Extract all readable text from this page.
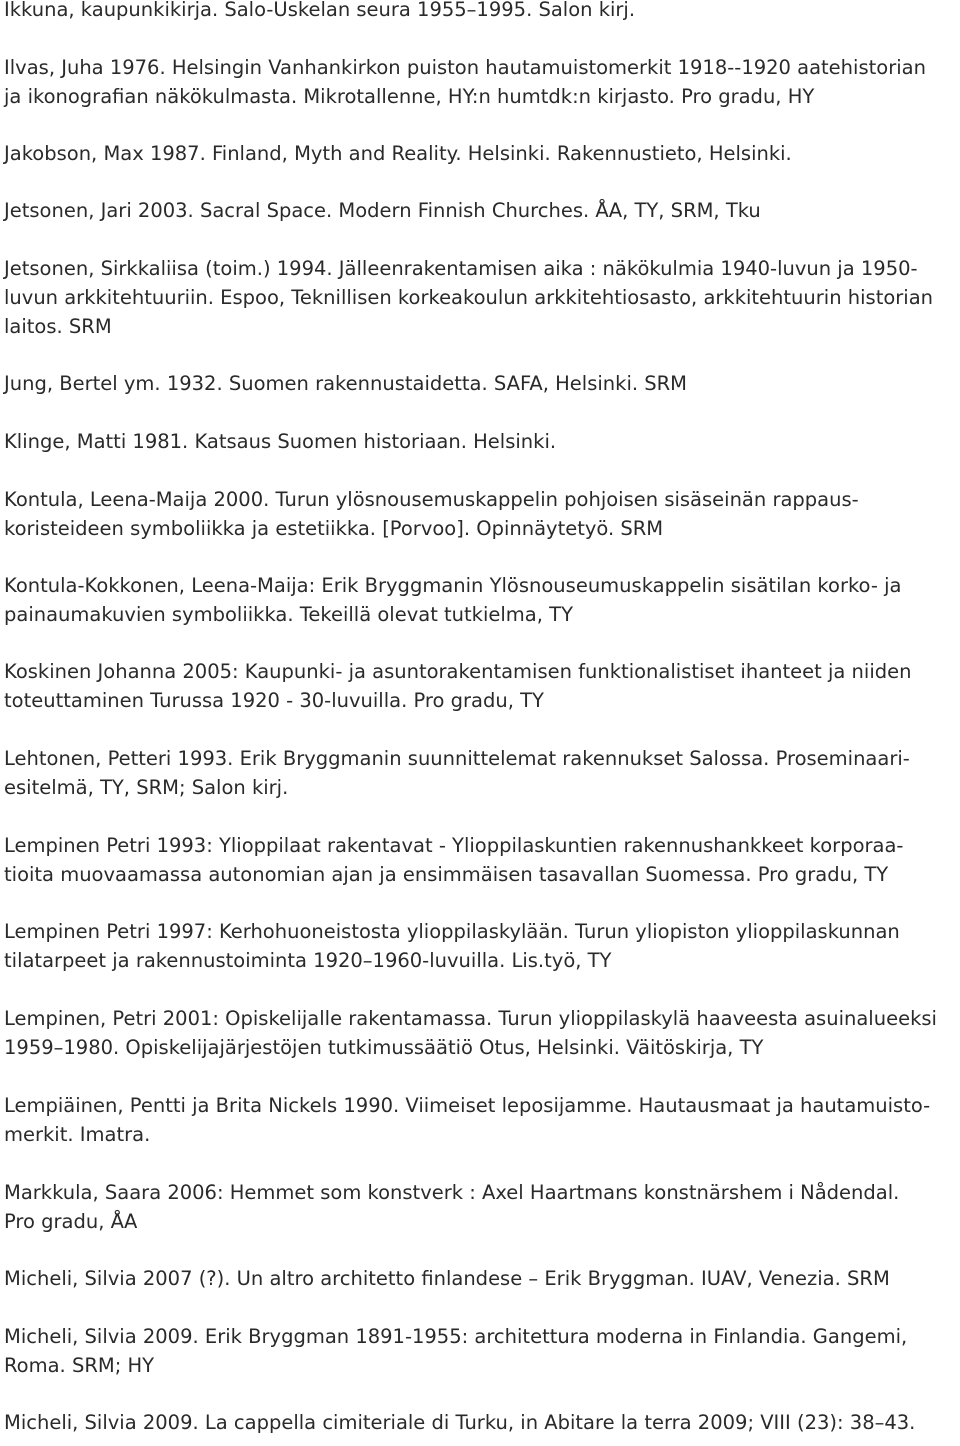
Ikkuna, kaupunkikirja. Salo-Uskelan seura 1955–1995. Salon kirj.
Ilvas, Juha 1976. Helsingin Vanhankirkon puiston hautamuistomerkit 1918--1920 aatehistorian
ja ikonografian näkökulmasta. Mikrotallenne, HY:n humtdk:n kirjasto. Pro gradu, HY
Jakobson, Max 1987. Finland, Myth and Reality. Helsinki. Rakennustieto, Helsinki.
Jetsonen, Jari 2003. Sacral Space. Modern Finnish Churches. ÅA, TY, SRM, Tku
Jetsonen, Sirkkaliisa (toim.) 1994. Jälleenrakentamisen aika : näkökulmia 1940-luvun ja 1950-
luvun arkkitehtuuriin. Espoo, Teknillisen korkeakoulun arkkitehtiosasto, arkkitehtuurin historian
laitos. SRM
Jung, Bertel ym. 1932. Suomen rakennustaidetta. SAFA, Helsinki. SRM
Klinge, Matti 1981. Katsaus Suomen historiaan. Helsinki.
Kontula, Leena-Maija 2000. Turun ylösnousemuskappelin pohjoisen sisäseinän rappaus-
koristeideen symboliikka ja estetiikka. [Porvoo]. Opinnäytetyö. SRM
Kontula-Kokkonen, Leena-Maija: Erik Bryggmanin Ylösnouseumuskappelin sisätilan korko- ja
painaumakuvien symboliikka. Tekeillä olevat tutkielma, TY
Koskinen Johanna 2005: Kaupunki- ja asuntorakentamisen funktionalistiset ihanteet ja niiden
toteuttaminen Turussa 1920 - 30-luvuilla. Pro gradu, TY
Lehtonen, Petteri 1993. Erik Bryggmanin suunnittelemat rakennukset Salossa. Proseminaari-
esitelmä, TY, SRM; Salon kirj.
Lempinen Petri 1993: Ylioppilaat rakentavat - Ylioppilaskuntien rakennushankkeet korporaa-
tioita muovaamassa autonomian ajan ja ensimmäisen tasavallan Suomessa. Pro gradu, TY
Lempinen Petri 1997: Kerhohuoneistosta ylioppilaskylään. Turun yliopiston ylioppilaskunnan
tilatarpeet ja rakennustoiminta 1920–1960-luvuilla. Lis.työ, TY
Lempinen, Petri 2001: Opiskelijalle rakentamassa. Turun ylioppilaskylä haaveesta asuinalueeksi
1959–1980. Opiskelijajärjestöjen tutkimussäätiö Otus, Helsinki. Väitöskirja, TY
Lempiäinen, Pentti ja Brita Nickels 1990. Viimeiset leposijamme. Hautausmaat ja hautamuisto-
merkit. Imatra.
Markkula, Saara 2006: Hemmet som konstverk : Axel Haartmans konstnärshem i Nådendal.
Pro gradu, ÅA
Micheli, Silvia 2007 (?). Un altro architetto finlandese – Erik Bryggman. IUAV, Venezia. SRM
Micheli, Silvia 2009. Erik Bryggman 1891-1955: architettura moderna in Finlandia. Gangemi,
Roma. SRM; HY
Micheli, Silvia 2009. La cappella cimiteriale di Turku, in Abitare la terra 2009; VIII (23): 38–43.
